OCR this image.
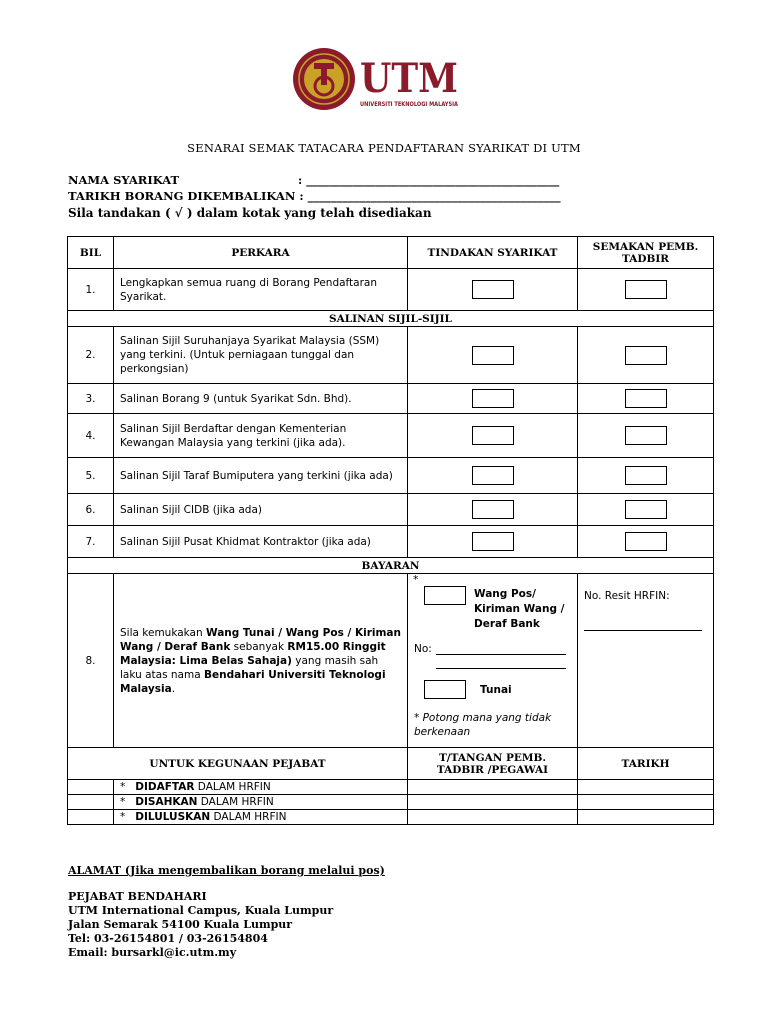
UTM
UNIVERSITI TEKNOLOGI MALAYSIA
SENARAI SEMAK TATACARA PENDAFTARAN SYARIKAT DI UTM
NAMA SYARIKAT	: ____________________________________________
TARIKH BORANG DIKEMBALIKAN : ____________________________________________
Sila tandakan ( √ ) dalam kotak yang telah disediakan
BIL	PERKARA	TINDAKAN SYARIKAT	SEMAKAN PEMB. TADBIR
1.	Lengkapkan semua ruang di Borang Pendaftaran Syarikat.		
SALINAN SIJIL-SIJIL			
2.	Salinan Sijil Suruhanjaya Syarikat Malaysia (SSM) yang terkini. (Untuk perniagaan tunggal dan perkongsian)		
3.	Salinan Borang 9 (untuk Syarikat Sdn. Bhd).		
4.	Salinan Sijil Berdaftar dengan Kementerian Kewangan Malaysia yang terkini (jika ada).		
5.	Salinan Sijil Taraf Bumiputera yang terkini (jika ada)		
6.	Salinan Sijil CIDB (jika ada)		
7.	Salinan Sijil Pusat Khidmat Kontraktor (jika ada)		
BAYARAN			
8.	Sila kemukakan Wang Tunai / Wang Pos / Kiriman Wang / Deraf Bank sebanyak RM15.00 Ringgit Malaysia: Lima Belas Sahaja) yang masih sah laku atas nama Bendahari Universiti Teknologi Malaysia.	*
Wang Pos/ Kiriman Wang / Deraf Bank
No:
Tunai
* Potong mana yang tidak berkenaan	No. Resit HRFIN:

UNTUK KEGUNAAN PEJABAT		T/TANGAN PEMB. TADBIR /PEGAWAI	TARIKH
	*   DIDAFTAR DALAM HRFIN		
	*   DISAHKAN DALAM HRFIN		
	*   DILULUSKAN DALAM HRFIN		
ALAMAT (Jika mengembalikan borang melalui pos)
PEJABAT BENDAHARI
UTM International Campus, Kuala Lumpur
Jalan Semarak 54100 Kuala Lumpur
Tel: 03-26154801 / 03-26154804
Email: bursarkl@ic.utm.my
